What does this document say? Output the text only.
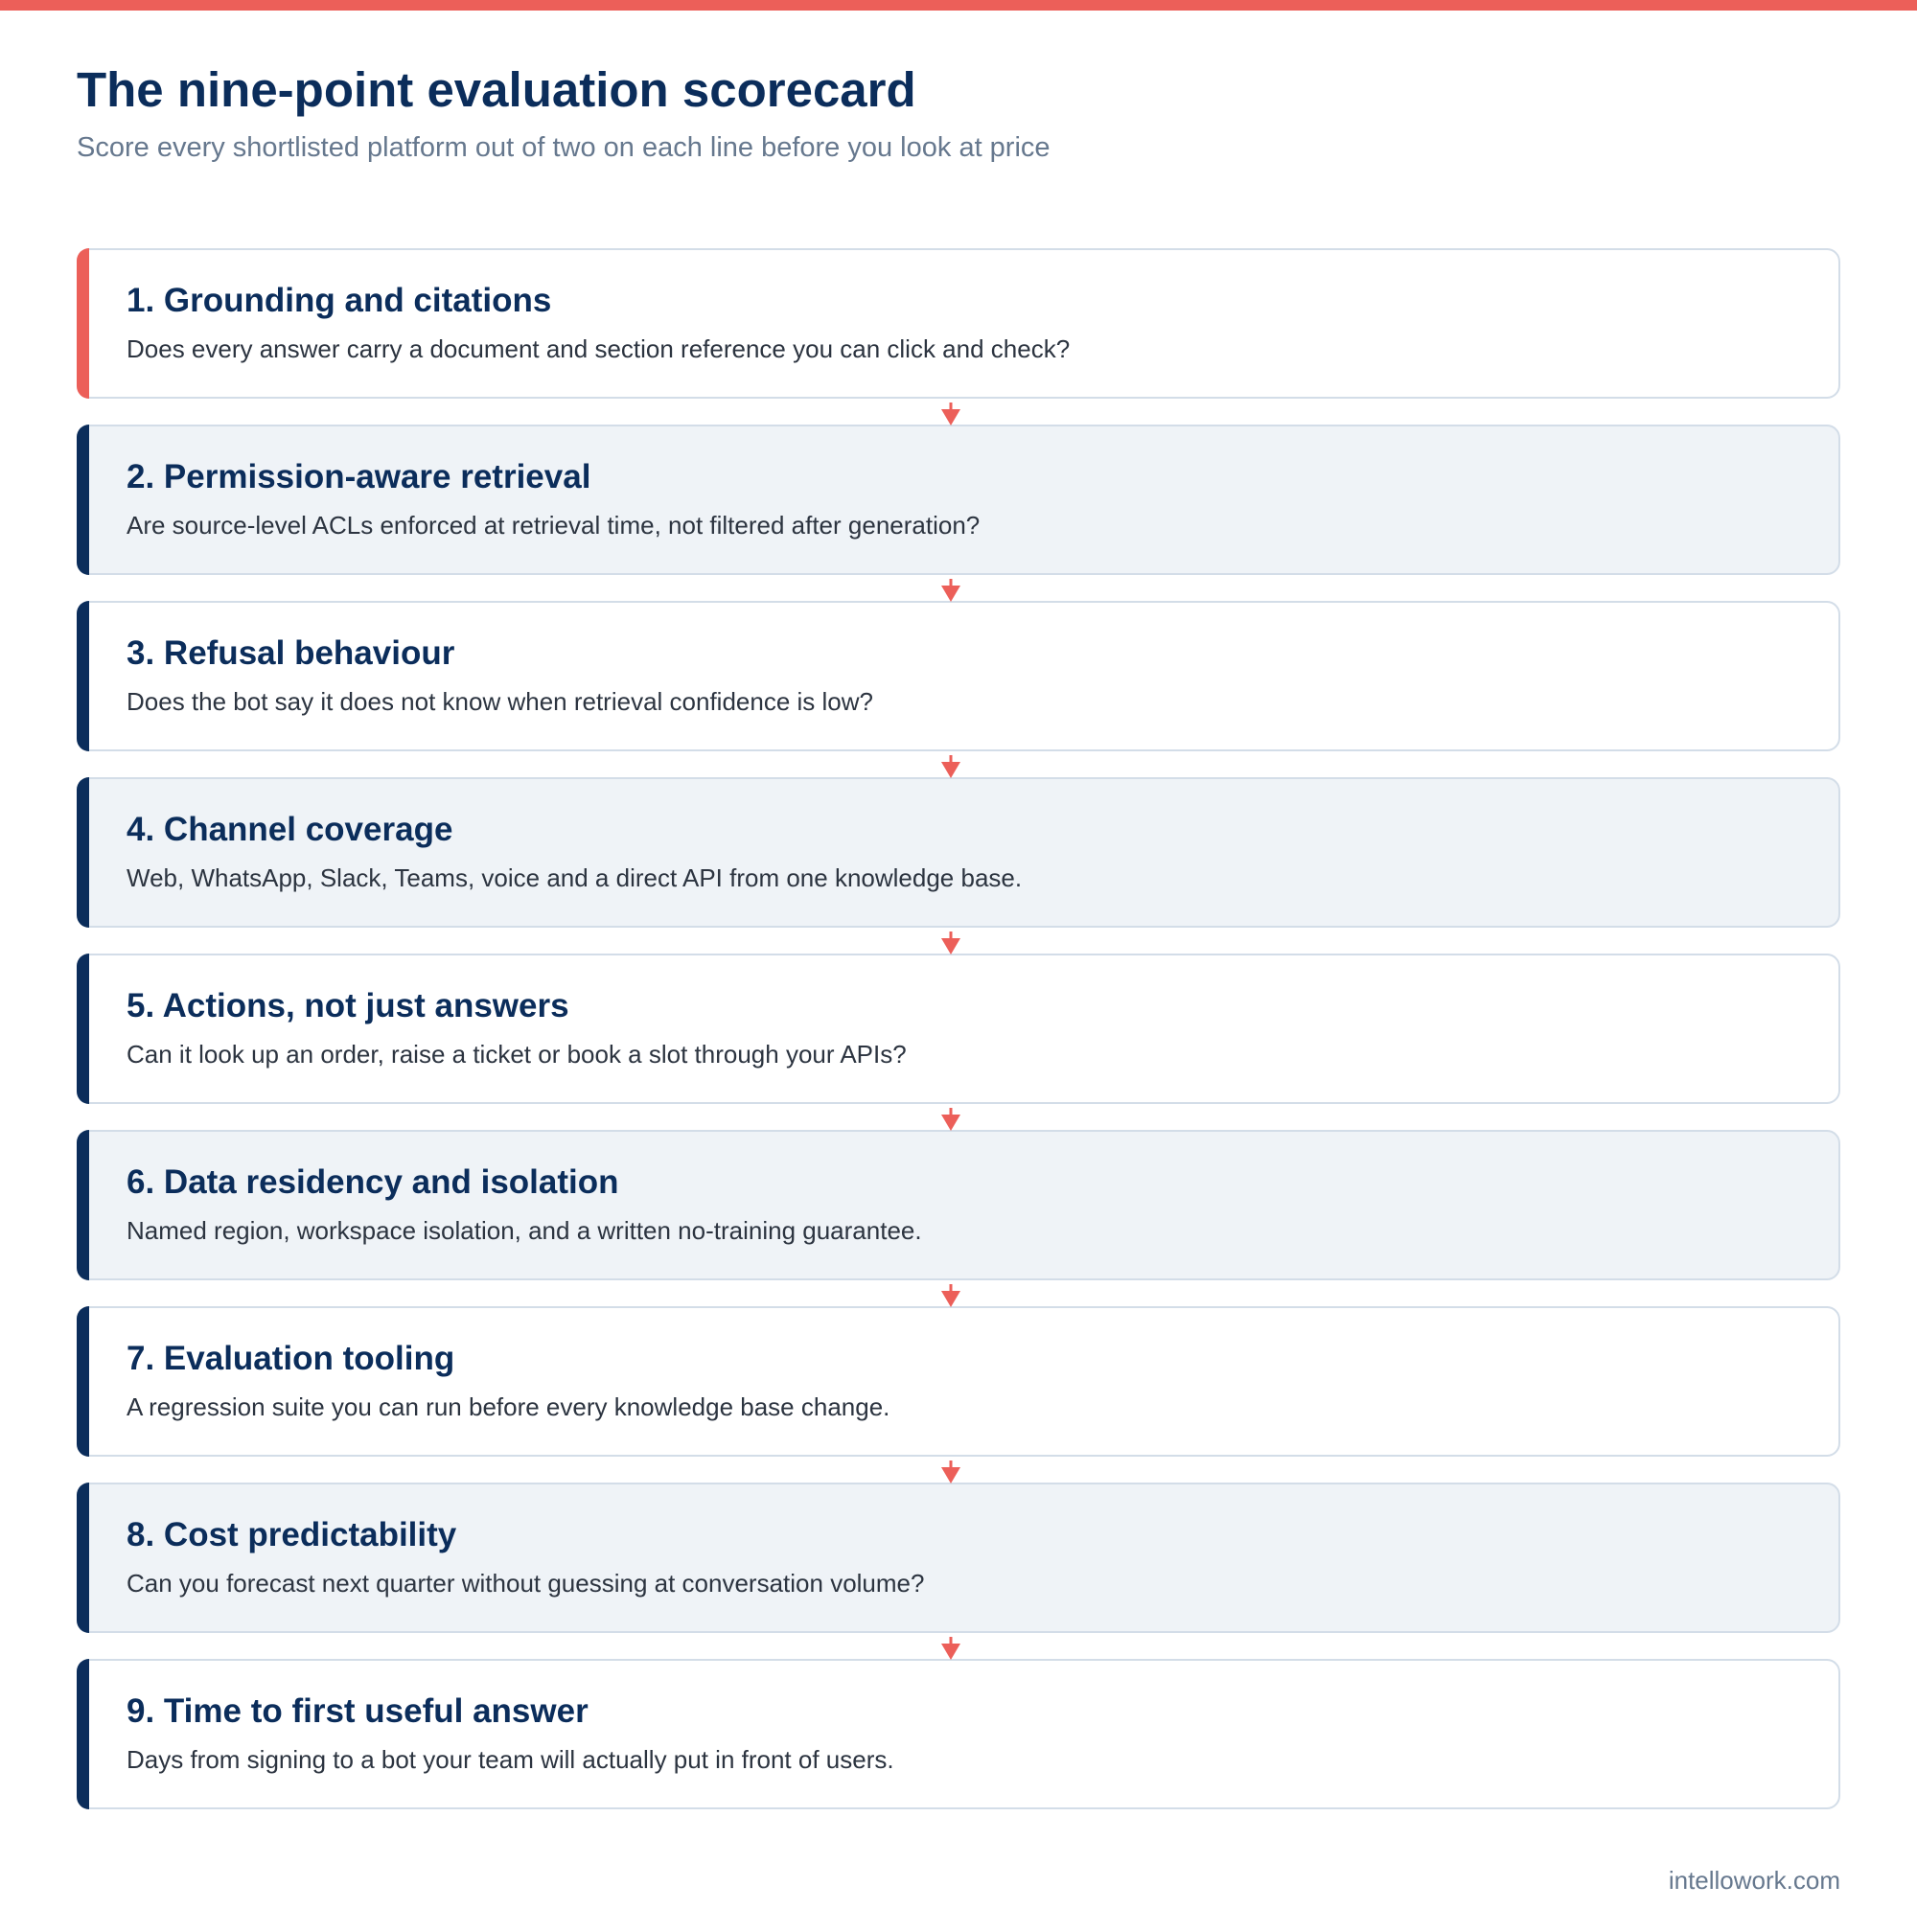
The nine-point evaluation scorecard

Score every shortlisted platform out of two on each line before you look at price

1. Grounding and citations

Does every answer carry a document and section reference you can click and check?

2. Permission-aware retrieval

Are source-level ACLs enforced at retrieval time, not filtered after generation?

3. Refusal behaviour

Does the bot say it does not know when retrieval confidence is low?

4. Channel coverage

Web, WhatsApp, Slack, Teams, voice and a direct API from one knowledge base.

5. Actions, not just answers

Can it look up an order, raise a ticket or book a slot through your APIs?

6. Data residency and isolation

Named region, workspace isolation, and a written no-training guarantee.

7. Evaluation tooling

A regression suite you can run before every knowledge base change.

8. Cost predictability

Can you forecast next quarter without guessing at conversation volume?

9. Time to first useful answer

Days from signing to a bot your team will actually put in front of users.

intellowork.com
